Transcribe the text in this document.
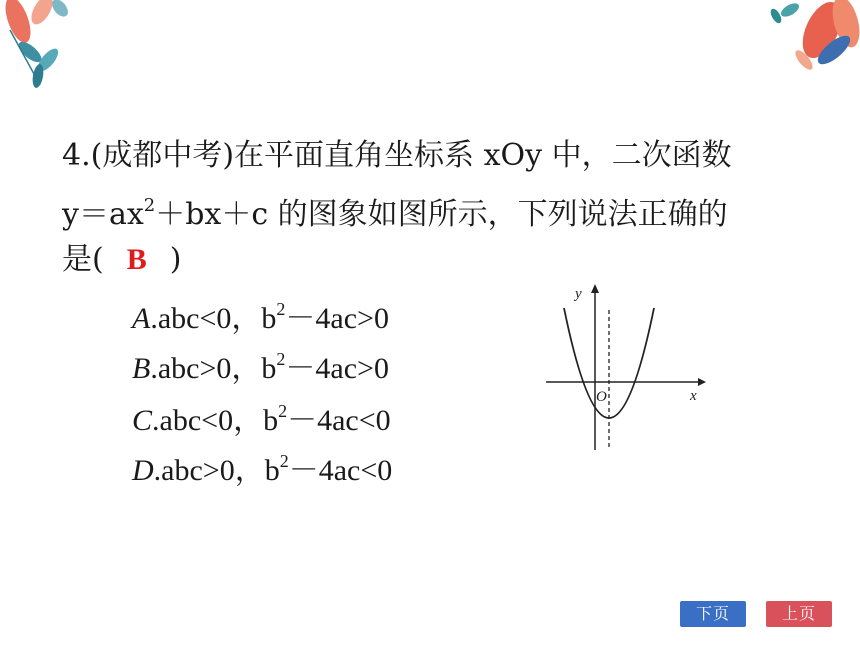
4.(成都中考)在平面直角坐标系 xOy 中，二次函数
$y=ax^2+bx+c$ 的图象如图所示，下列说法正确的
是( B )
A.abc<0，$b^2-4ac>0$
B.abc>0，$b^2-4ac>0$
C.abc<0，$b^2-4ac<0$
D.abc>0，$b^2-4ac<0$
y
x
O
下页	上页
